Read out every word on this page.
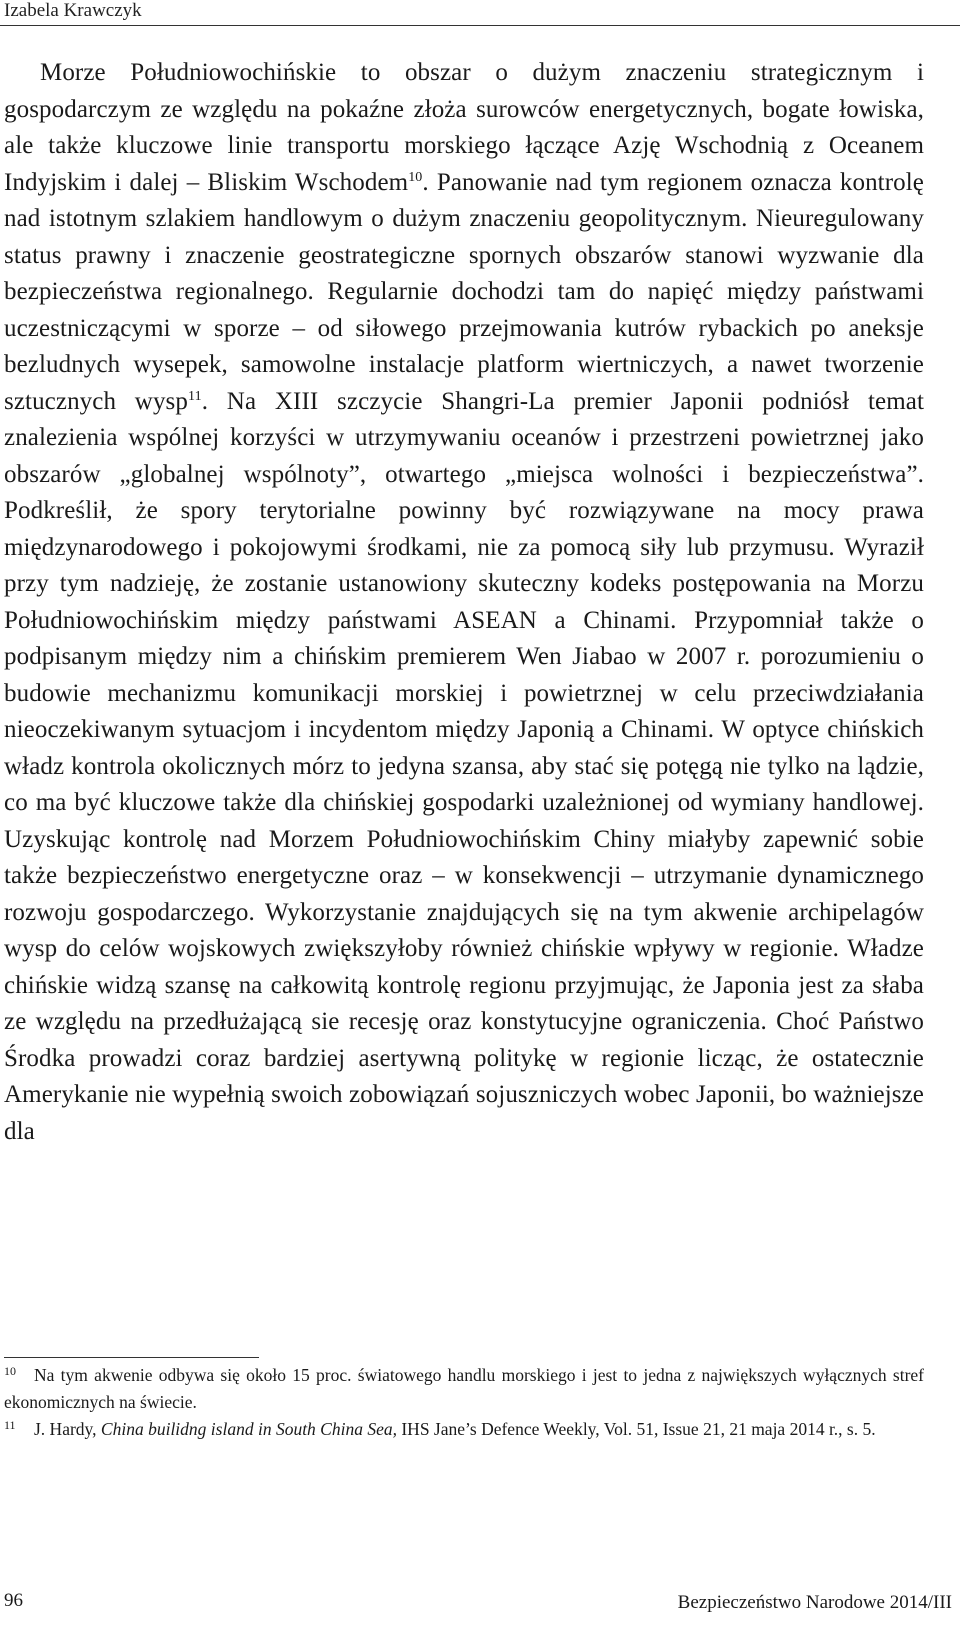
Izabela Krawczyk

Morze Południowochińskie to obszar o dużym znaczeniu strategicznym i gospodarczym ze względu na pokaźne złoża surowców energetycznych, bogate łowiska, ale także kluczowe linie transportu morskiego łączące Azję Wschodnią z Oceanem Indyjskim i dalej – Bliskim Wschodem$^{10}$. Panowanie nad tym regionem oznacza kontrolę nad istotnym szlakiem handlowym o dużym znaczeniu geopolitycznym. Nieuregulowany status prawny i znaczenie geostrategiczne spornych obszarów stanowi wyzwanie dla bezpieczeństwa regionalnego. Regularnie dochodzi tam do napięć między państwami uczestniczącymi w sporze – od siłowego przejmowania kutrów rybackich po aneksje bezludnych wysepek, samowolne instalacje platform wiertniczych, a nawet tworzenie sztucznych wysp$^{11}$. Na XIII szczycie Shangri-La premier Japonii podniósł temat znalezienia wspólnej korzyści w utrzymywaniu oceanów i przestrzeni powietrznej jako obszarów „globalnej wspólnoty”, otwartego „miejsca wolności i bezpieczeństwa”. Podkreślił, że spory terytorialne powinny być rozwiązywane na mocy prawa międzynarodowego i pokojowymi środkami, nie za pomocą siły lub przymusu. Wyraził przy tym nadzieję, że zostanie ustanowiony skuteczny kodeks postępowania na Morzu Południowochińskim między państwami ASEAN a Chinami. Przypomniał także o podpisanym między nim a chińskim premierem Wen Jiabao w 2007 r. porozumieniu o budowie mechanizmu komunikacji morskiej i powietrznej w celu przeciwdziałania nieoczekiwanym sytuacjom i incydentom między Japonią a Chinami. W optyce chińskich władz kontrola okolicznych mórz to jedyna szansa, aby stać się potęgą nie tylko na lądzie, co ma być kluczowe także dla chińskiej gospodarki uzależnionej od wymiany handlowej. Uzyskując kontrolę nad Morzem Południowochińskim Chiny miałyby zapewnić sobie także bezpieczeństwo energetyczne oraz – w konsekwencji – utrzymanie dynamicznego rozwoju gospodarczego. Wykorzystanie znajdujących się na tym akwenie archipelagów wysp do celów wojskowych zwiększyłoby również chińskie wpływy w regionie. Władze chińskie widzą szansę na całkowitą kontrolę regionu przyjmując, że Japonia jest za słaba ze względu na przedłużającą sie recesję oraz konstytucyjne ograniczenia. Choć Państwo Środka prowadzi coraz bardziej asertywną politykę w regionie licząc, że ostatecznie Amerykanie nie wypełnią swoich zobowiązań sojuszniczych wobec Japonii, bo ważniejsze dla

10 Na tym akwenie odbywa się około 15 proc. światowego handlu morskiego i jest to jedna z największych wyłącznych stref ekonomicznych na świecie.

11 J. Hardy, China builidng island in South China Sea, IHS Jane’s Defence Weekly, Vol. 51, Issue 21, 21 maja 2014 r., s. 5.

96	Bezpieczeństwo Narodowe 2014/III
